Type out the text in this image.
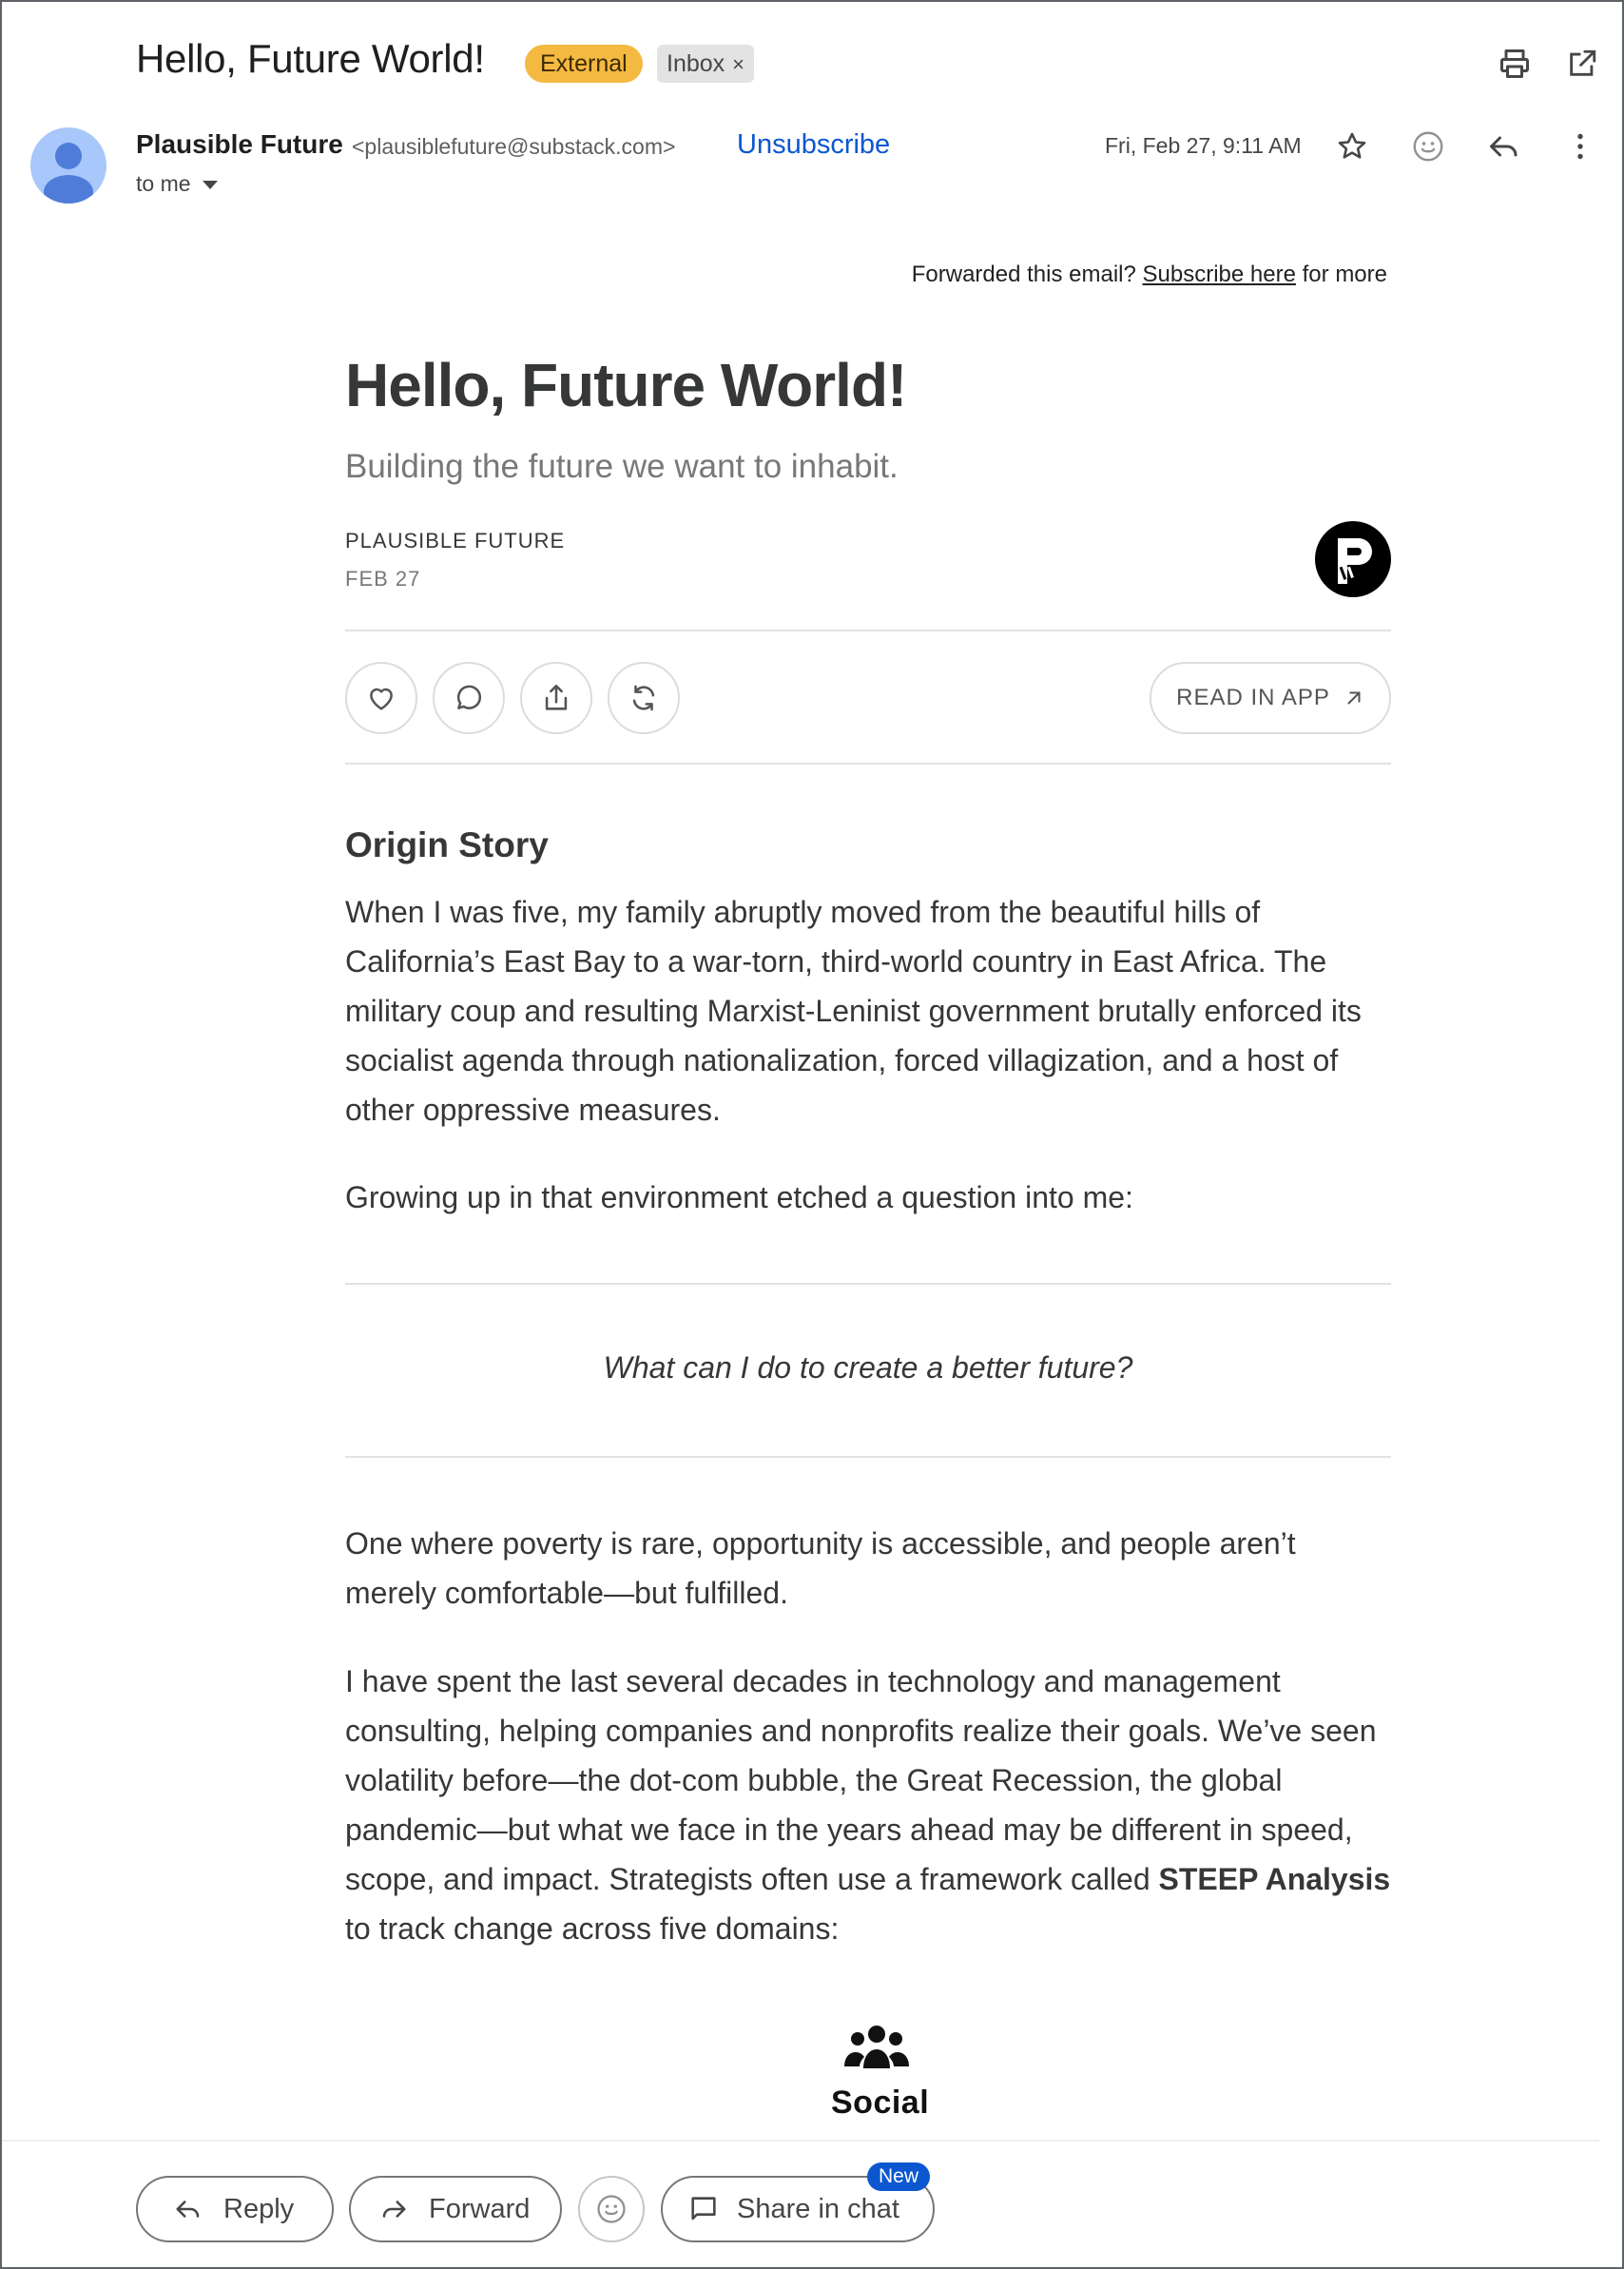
Hello, Future World!	External	Inbox ×
Plausible Future <plausiblefuture@substack.com> Unsubscribe
to me
Fri, Feb 27, 9:11 AM
Forwarded this email? Subscribe here for more
Hello, Future World!
Building the future we want to inhabit.
PLAUSIBLE FUTURE
FEB 27
READ IN APP
Origin Story
When I was five, my family abruptly moved from the beautiful hills of California’s East Bay to a war-torn, third-world country in East Africa. The military coup and resulting Marxist-Leninist government brutally enforced its socialist agenda through nationalization, forced villagization, and a host of other oppressive measures.
Growing up in that environment etched a question into me:
What can I do to create a better future?
One where poverty is rare, opportunity is accessible, and people aren’t merely comfortable—but fulfilled.
I have spent the last several decades in technology and management consulting, helping companies and nonprofits realize their goals. We’ve seen volatility before—the dot-com bubble, the Great Recession, the global pandemic—but what we face in the years ahead may be different in speed, scope, and impact. Strategists often use a framework called STEEP Analysis to track change across five domains:
Social
Reply	Forward	Share in chat
New
